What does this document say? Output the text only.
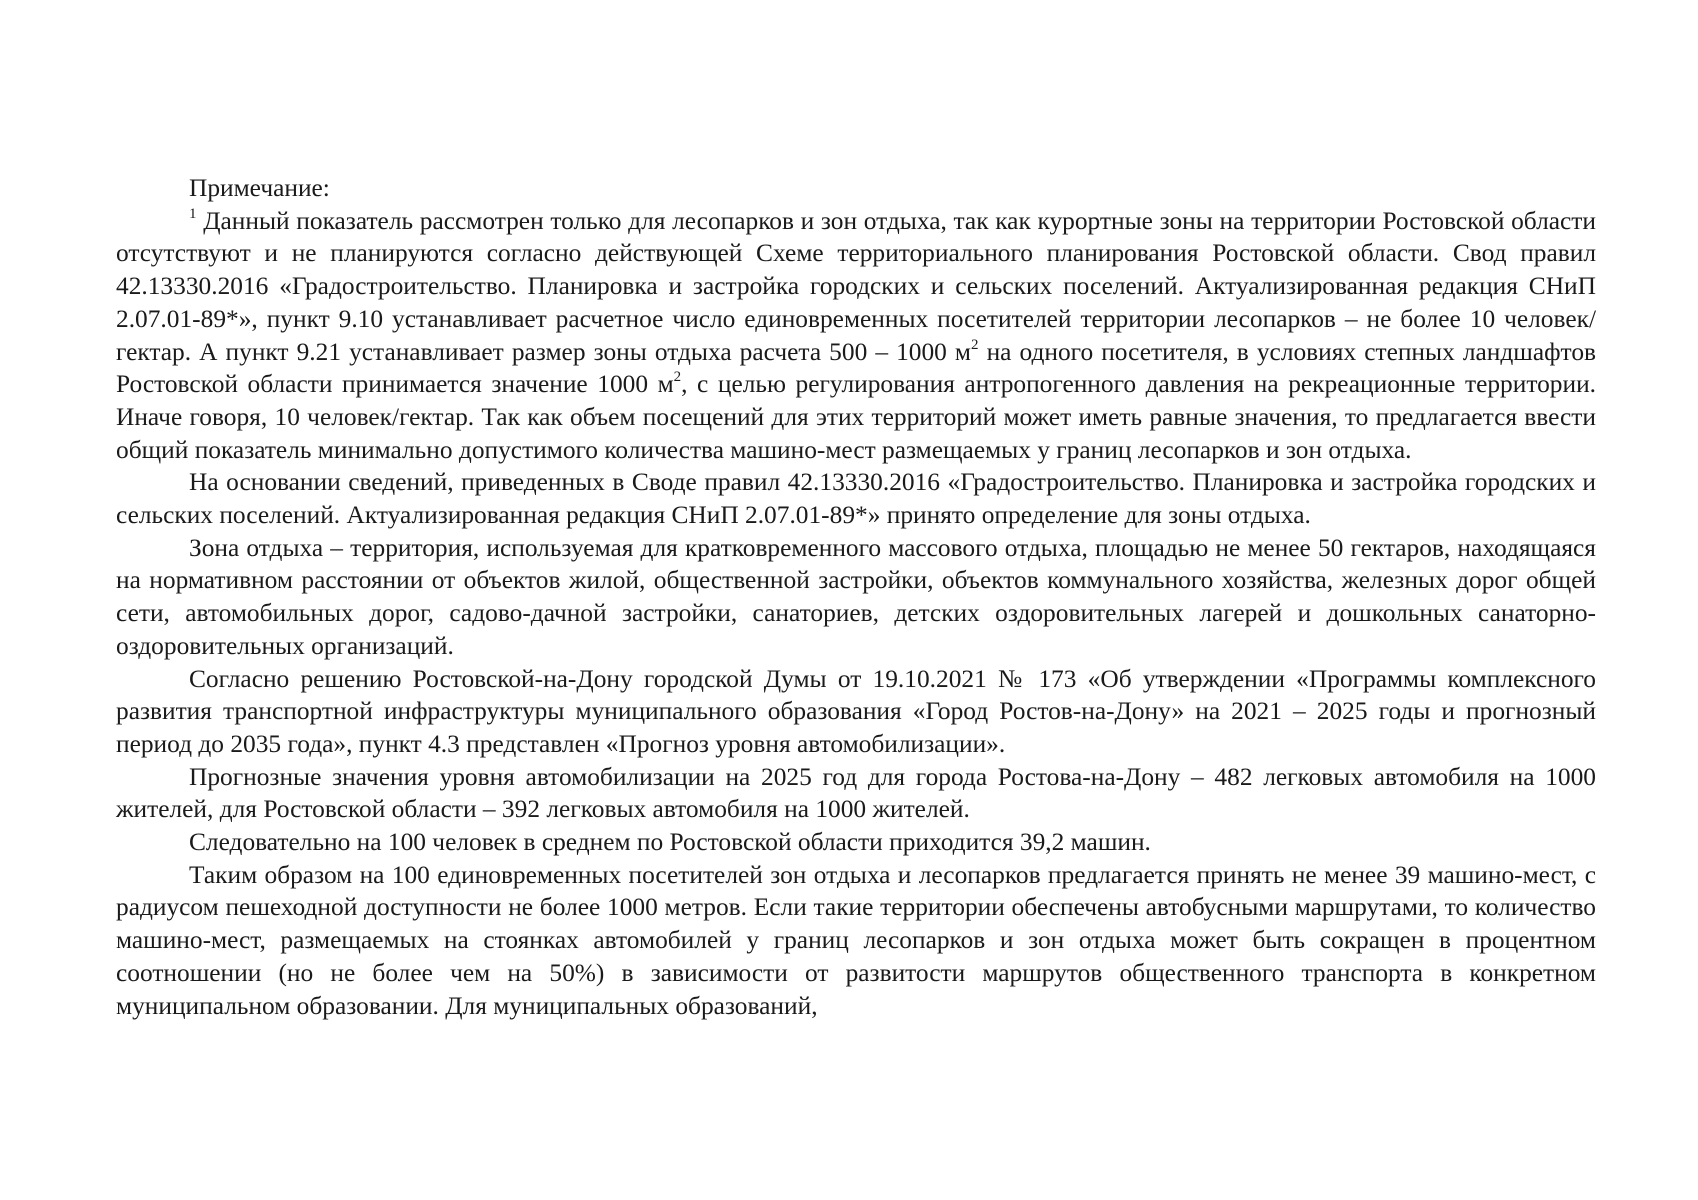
Примечание:

$^1$ Данный показатель рассмотрен только для лесопарков и зон отдыха, так как курортные зоны на территории Ростовской области отсутствуют и не планируются согласно действующей Схеме территориального планирования Ростовской области. Свод правил 42.13330.2016 «Градостроительство. Планировка и застройка городских и сельских поселений. Актуализированная редакция СНиП 2.07.01-89*», пункт 9.10 устанавливает расчетное число единовременных посетителей территории лесопарков – не более 10 человек/гектар. А пункт 9.21 устанавливает размер зоны отдыха расчета 500 – 1000 $м^2$ на одного посетителя, в условиях степных ландшафтов Ростовской области принимается значение 1000 $м^2$, с целью регулирования антропогенного давления на рекреационные территории. Иначе говоря, 10 человек/гектар. Так как объем посещений для этих территорий может иметь равные значения, то предлагается ввести общий показатель минимально допустимого количества машино-мест размещаемых у границ лесопарков и зон отдыха.

На основании сведений, приведенных в Своде правил 42.13330.2016 «Градостроительство. Планировка и застройка городских и сельских поселений. Актуализированная редакция СНиП 2.07.01-89*» принято определение для зоны отдыха.

Зона отдыха – территория, используемая для кратковременного массового отдыха, площадью не менее 50 гектаров, находящаяся на нормативном расстоянии от объектов жилой, общественной застройки, объектов коммунального хозяйства, железных дорог общей сети, автомобильных дорог, садово-дачной застройки, санаториев, детских оздоровительных лагерей и дошкольных санаторно-оздоровительных организаций.

Согласно решению Ростовской-на-Дону городской Думы от 19.10.2021 № 173 «Об утверждении «Программы комплексного развития транспортной инфраструктуры муниципального образования «Город Ростов-на-Дону» на 2021 – 2025 годы и прогнозный период до 2035 года», пункт 4.3 представлен «Прогноз уровня автомобилизации».

Прогнозные значения уровня автомобилизации на 2025 год для города Ростова-на-Дону – 482 легковых автомобиля на 1000 жителей, для Ростовской области – 392 легковых автомобиля на 1000 жителей.

Следовательно на 100 человек в среднем по Ростовской области приходится 39,2 машин.

Таким образом на 100 единовременных посетителей зон отдыха и лесопарков предлагается принять не менее 39 машино-мест, с радиусом пешеходной доступности не более 1000 метров. Если такие территории обеспечены автобусными маршрутами, то количество машино-мест, размещаемых на стоянках автомобилей у границ лесопарков и зон отдыха может быть сокращен в процентном соотношении (но не более чем на 50%) в зависимости от развитости маршрутов общественного транспорта в конкретном муниципальном образовании. Для муниципальных образований,
